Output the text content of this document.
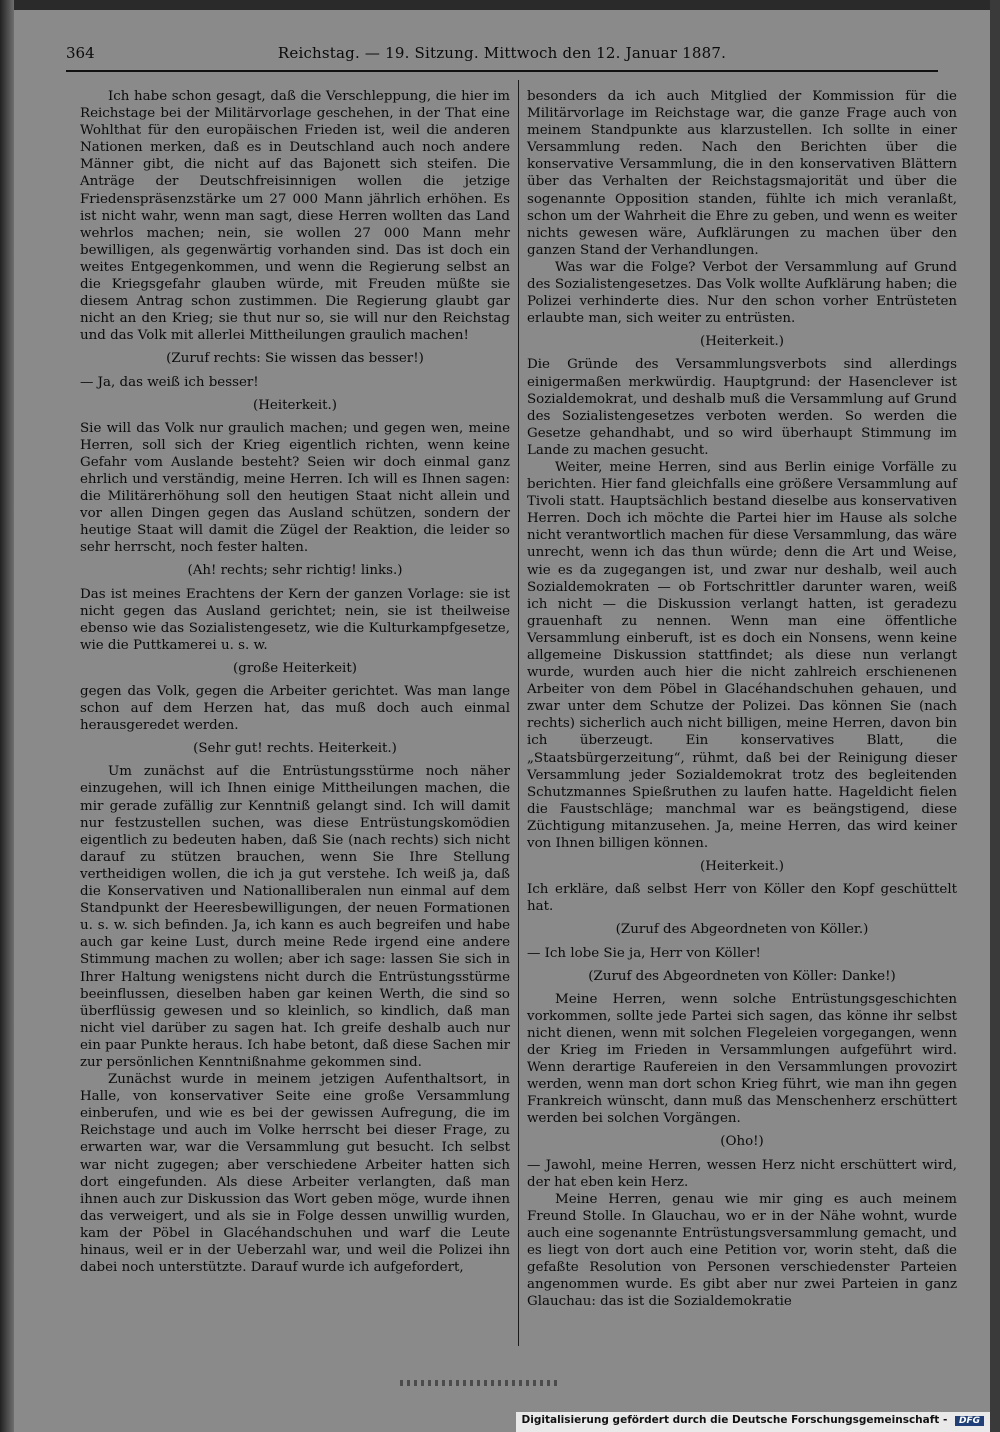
364	Reichstag. — 19. Sitzung. Mittwoch den 12. Januar 1887.

Ich habe schon gesagt, daß die Verschleppung, die hier im Reichstage bei der Militärvorlage geschehen, in der That eine Wohlthat für den europäischen Frieden ist, weil die anderen Nationen merken, daß es in Deutschland auch noch andere Männer gibt, die nicht auf das Bajonett sich steifen. Die Anträge der Deutschfreisinnigen wollen die jetzige Friedenspräsenzstärke um 27 000 Mann jährlich erhöhen. Es ist nicht wahr, wenn man sagt, diese Herren wollten das Land wehrlos machen; nein, sie wollen 27 000 Mann mehr bewilligen, als gegenwärtig vorhanden sind. Das ist doch ein weites Entgegenkommen, und wenn die Regierung selbst an die Kriegsgefahr glauben würde, mit Freuden müßte sie diesem Antrag schon zustimmen. Die Regierung glaubt gar nicht an den Krieg; sie thut nur so, sie will nur den Reichstag und das Volk mit allerlei Mittheilungen graulich machen!

(Zuruf rechts: Sie wissen das besser!)

— Ja, das weiß ich besser!

(Heiterkeit.)

Sie will das Volk nur graulich machen; und gegen wen, meine Herren, soll sich der Krieg eigentlich richten, wenn keine Gefahr vom Auslande besteht? Seien wir doch einmal ganz ehrlich und verständig, meine Herren. Ich will es Ihnen sagen: die Militärerhöhung soll den heutigen Staat nicht allein und vor allen Dingen gegen das Ausland schützen, sondern der heutige Staat will damit die Zügel der Reaktion, die leider so sehr herrscht, noch fester halten.

(Ah! rechts; sehr richtig! links.)

Das ist meines Erachtens der Kern der ganzen Vorlage: sie ist nicht gegen das Ausland gerichtet; nein, sie ist theilweise ebenso wie das Sozialistengesetz, wie die Kulturkampfgesetze, wie die Puttkamerei u. s. w.

(große Heiterkeit)

gegen das Volk, gegen die Arbeiter gerichtet. Was man lange schon auf dem Herzen hat, das muß doch auch einmal herausgeredet werden.

(Sehr gut! rechts. Heiterkeit.)

Um zunächst auf die Entrüstungsstürme noch näher einzugehen, will ich Ihnen einige Mittheilungen machen, die mir gerade zufällig zur Kenntniß gelangt sind. Ich will damit nur festzustellen suchen, was diese Entrüstungskomödien eigentlich zu bedeuten haben, daß Sie (nach rechts) sich nicht darauf zu stützen brauchen, wenn Sie Ihre Stellung vertheidigen wollen, die ich ja gut verstehe. Ich weiß ja, daß die Konservativen und Nationalliberalen nun einmal auf dem Standpunkt der Heeresbewilligungen, der neuen Formationen u. s. w. sich befinden. Ja, ich kann es auch begreifen und habe auch gar keine Lust, durch meine Rede irgend eine andere Stimmung machen zu wollen; aber ich sage: lassen Sie sich in Ihrer Haltung wenigstens nicht durch die Entrüstungsstürme beeinflussen, dieselben haben gar keinen Werth, die sind so überflüssig gewesen und so kleinlich, so kindlich, daß man nicht viel darüber zu sagen hat. Ich greife deshalb auch nur ein paar Punkte heraus. Ich habe betont, daß diese Sachen mir zur persönlichen Kenntnißnahme gekommen sind.

Zunächst wurde in meinem jetzigen Aufenthaltsort, in Halle, von konservativer Seite eine große Versammlung einberufen, und wie es bei der gewissen Aufregung, die im Reichstage und auch im Volke herrscht bei dieser Frage, zu erwarten war, war die Versammlung gut besucht. Ich selbst war nicht zugegen; aber verschiedene Arbeiter hatten sich dort eingefunden. Als diese Arbeiter verlangten, daß man ihnen auch zur Diskussion das Wort geben möge, wurde ihnen das verweigert, und als sie in Folge dessen unwillig wurden, kam der Pöbel in Glacéhandschuhen und warf die Leute hinaus, weil er in der Ueberzahl war, und weil die Polizei ihn dabei noch unterstützte. Darauf wurde ich aufgefordert,

besonders da ich auch Mitglied der Kommission für die Militärvorlage im Reichstage war, die ganze Frage auch von meinem Standpunkte aus klarzustellen. Ich sollte in einer Versammlung reden. Nach den Berichten über die konservative Versammlung, die in den konservativen Blättern über das Verhalten der Reichstagsmajorität und über die sogenannte Opposition standen, fühlte ich mich veranlaßt, schon um der Wahrheit die Ehre zu geben, und wenn es weiter nichts gewesen wäre, Aufklärungen zu machen über den ganzen Stand der Verhandlungen.

Was war die Folge? Verbot der Versammlung auf Grund des Sozialistengesetzes. Das Volk wollte Aufklärung haben; die Polizei verhinderte dies. Nur den schon vorher Entrüsteten erlaubte man, sich weiter zu entrüsten.

(Heiterkeit.)

Die Gründe des Versammlungsverbots sind allerdings einigermaßen merkwürdig. Hauptgrund: der Hasenclever ist Sozialdemokrat, und deshalb muß die Versammlung auf Grund des Sozialistengesetzes verboten werden. So werden die Gesetze gehandhabt, und so wird überhaupt Stimmung im Lande zu machen gesucht.

Weiter, meine Herren, sind aus Berlin einige Vorfälle zu berichten. Hier fand gleichfalls eine größere Versammlung auf Tivoli statt. Hauptsächlich bestand dieselbe aus konservativen Herren. Doch ich möchte die Partei hier im Hause als solche nicht verantwortlich machen für diese Versammlung, das wäre unrecht, wenn ich das thun würde; denn die Art und Weise, wie es da zugegangen ist, und zwar nur deshalb, weil auch Sozialdemokraten — ob Fortschrittler darunter waren, weiß ich nicht — die Diskussion verlangt hatten, ist geradezu grauenhaft zu nennen. Wenn man eine öffentliche Versammlung einberuft, ist es doch ein Nonsens, wenn keine allgemeine Diskussion stattfindet; als diese nun verlangt wurde, wurden auch hier die nicht zahlreich erschienenen Arbeiter von dem Pöbel in Glacéhandschuhen gehauen, und zwar unter dem Schutze der Polizei. Das können Sie (nach rechts) sicherlich auch nicht billigen, meine Herren, davon bin ich überzeugt. Ein konservatives Blatt, die „Staatsbürgerzeitung“, rühmt, daß bei der Reinigung dieser Versammlung jeder Sozialdemokrat trotz des begleitenden Schutzmannes Spießruthen zu laufen hatte. Hageldicht fielen die Faustschläge; manchmal war es beängstigend, diese Züchtigung mitanzusehen. Ja, meine Herren, das wird keiner von Ihnen billigen können.

(Heiterkeit.)

Ich erkläre, daß selbst Herr von Köller den Kopf geschüttelt hat.

(Zuruf des Abgeordneten von Köller.)

— Ich lobe Sie ja, Herr von Köller!

(Zuruf des Abgeordneten von Köller: Danke!)

Meine Herren, wenn solche Entrüstungsgeschichten vorkommen, sollte jede Partei sich sagen, das könne ihr selbst nicht dienen, wenn mit solchen Flegeleien vorgegangen, wenn der Krieg im Frieden in Versammlungen aufgeführt wird. Wenn derartige Raufereien in den Versammlungen provozirt werden, wenn man dort schon Krieg führt, wie man ihn gegen Frankreich wünscht, dann muß das Menschenherz erschüttert werden bei solchen Vorgängen.

(Oho!)

— Jawohl, meine Herren, wessen Herz nicht erschüttert wird, der hat eben kein Herz.

Meine Herren, genau wie mir ging es auch meinem Freund Stolle. In Glauchau, wo er in der Nähe wohnt, wurde auch eine sogenannte Entrüstungsversammlung gemacht, und es liegt von dort auch eine Petition vor, worin steht, daß die gefaßte Resolution von Personen verschiedenster Parteien angenommen wurde. Es gibt aber nur zwei Parteien in ganz Glauchau: das ist die Sozialdemokratie

Digitalisierung gefördert durch die Deutsche Forschungsgemeinschaft - DFG
